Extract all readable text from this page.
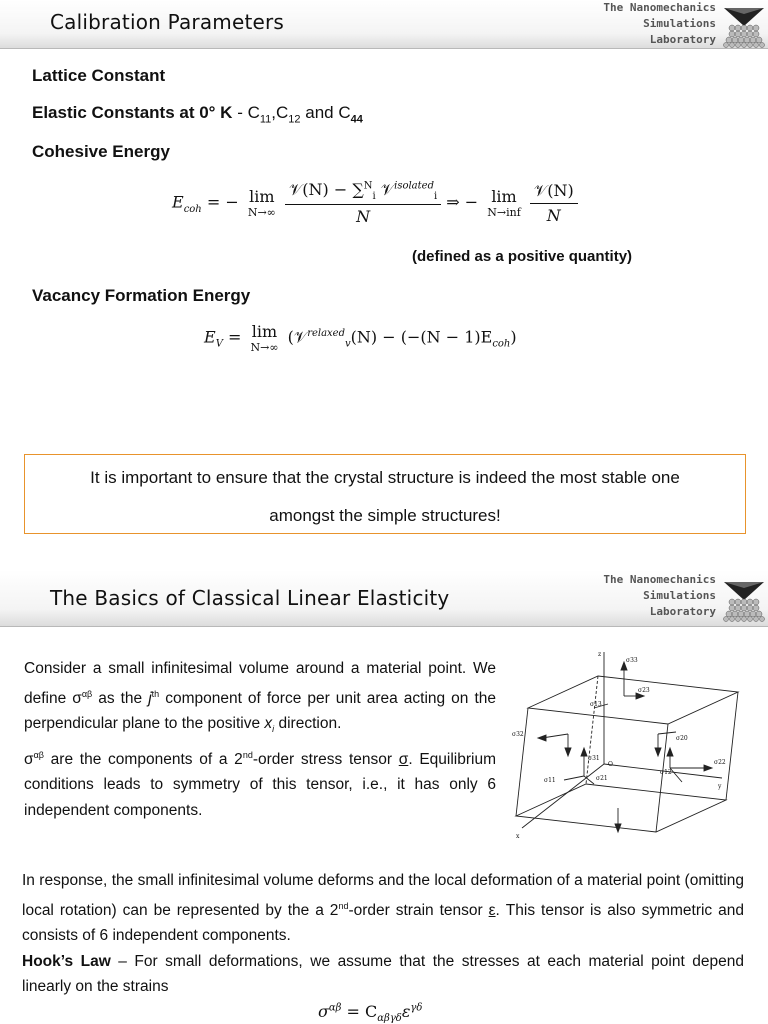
Calibration Parameters
The Nanomechanics
Simulations
Laboratory
Lattice Constant
Elastic Constants at 0° K - $C_{11},C_{12}$ and $C_{44}$
Cohesive Energy
$E_{coh}$ = − lim
N→∞
$\frac{𝒱(N) - \sum^N_i 𝒱^{isolated}_i}{N}$ ⇒ − lim
N→inf
$\frac{\text{𝒱(N)}}{N}$
(defined as a positive quantity)
Vacancy Formation Energy
$E_V = \lim$
N→∞
(𝒱$^{relaxed}_v$(N) − $(-(N - 1)E_{coh})$
It is important to ensure that the crystal structure is indeed the most stable one
amongst the simple structures!
The Basics of Classical Linear Elasticity
The Nanomechanics
Simulations
Laboratory
Consider a small infinitesimal volume around a material point. We define $\sigma^{\alpha\beta}$ as the $j^{th}$ component of force per unit area acting on the perpendicular plane to the positive $x_i$ direction.
$\sigma^{\alpha\beta}$ are the components of a 2nd-order stress tensor σ. Equilibrium conditions leads to symmetry of this tensor, i.e., it has only 6 independent components.
z
x
y
O
σ33
σ23
σ13
σ32
σ31
σ11	σ21
σ20
σ12
σ22
In response, the small infinitesimal volume deforms and the local deformation of a material point (omitting local rotation) can be represented by the a 2nd-order strain tensor ε. This tensor is also symmetric and consists of 6 independent components.
Hook’s Law – For small deformations, we assume that the stresses at each material point depend linearly on the strains
$\sigma^{\alpha\beta} = C_{\alpha\beta\gamma\delta}\varepsilon^{\gamma\delta}$
